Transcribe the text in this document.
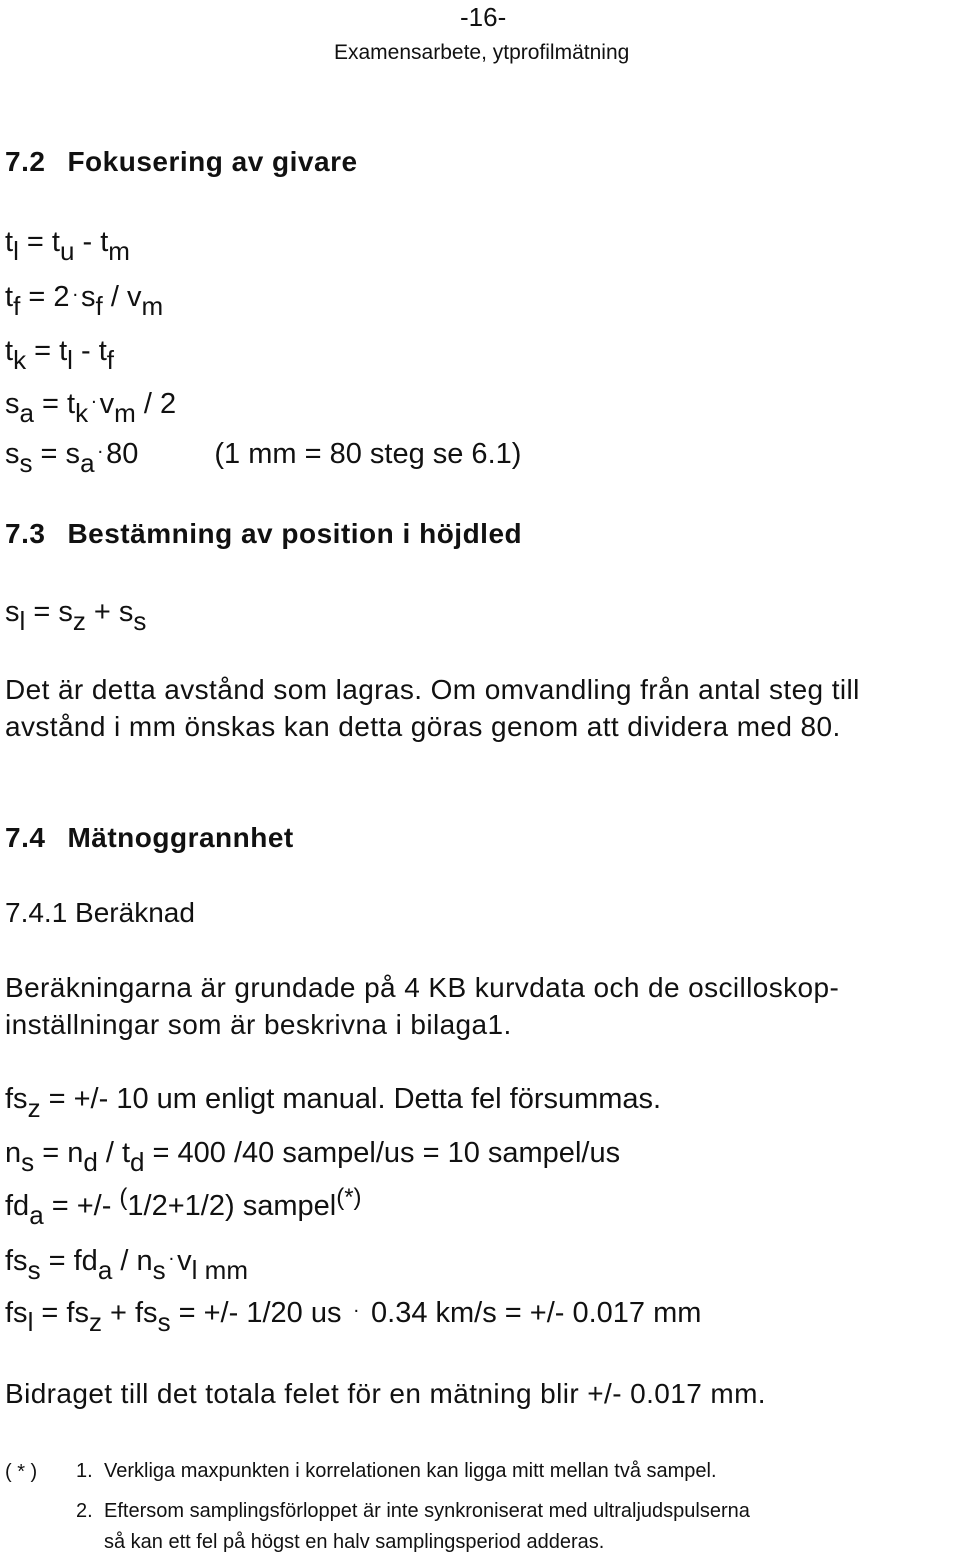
-16-
Examensarbete, ytprofilmätning
7.2 Fokusering av givare
$t_l = t_u - t_m$
$t_f = 2$ . $s_f / v_m$
$t_k = t_l - t_f$
$s_a = t_k$. $v_m / 2$
$s_s = s_a$. 80	(1 mm = 80 steg se 6.1)
7.3 Bestämning av position i höjdled
$s_l = s_z + s_s$
Det är detta avstånd som lagras. Om omvandling från antal steg till avstånd i mm önskas kan detta göras genom att dividera med 80.
7.4 Mätnoggrannhet
7.4.1 Beräknad
Beräkningarna är grundade på 4 KB kurvdata och de oscilloskop-inställningar som är beskrivna i bilaga1.
$fs_z$ = +/- 10 um enligt manual. Detta fel försummas.
$n_s = n_d / t_d = 400$ /40 sampel/us = 10 sampel/us
$fd_a$ = +/- (1/2+1/2) sampel(*)
$fs_s = fd_a / n_s$. $v_l$ $_{mm}$
$fs_l = fs_z + fs_s$ = +/- 1/20 us . 0.34 km/s = +/- 0.017 mm
Bidraget till det totala felet för en mätning blir +/- 0.017 mm.
( * ) 1. Verkliga maxpunkten i korrelationen kan ligga mitt mellan två sampel.
2. Eftersom samplingsförloppet är inte synkroniserat med ultraljudspulserna
så kan ett fel på högst en halv samplingsperiod adderas.
